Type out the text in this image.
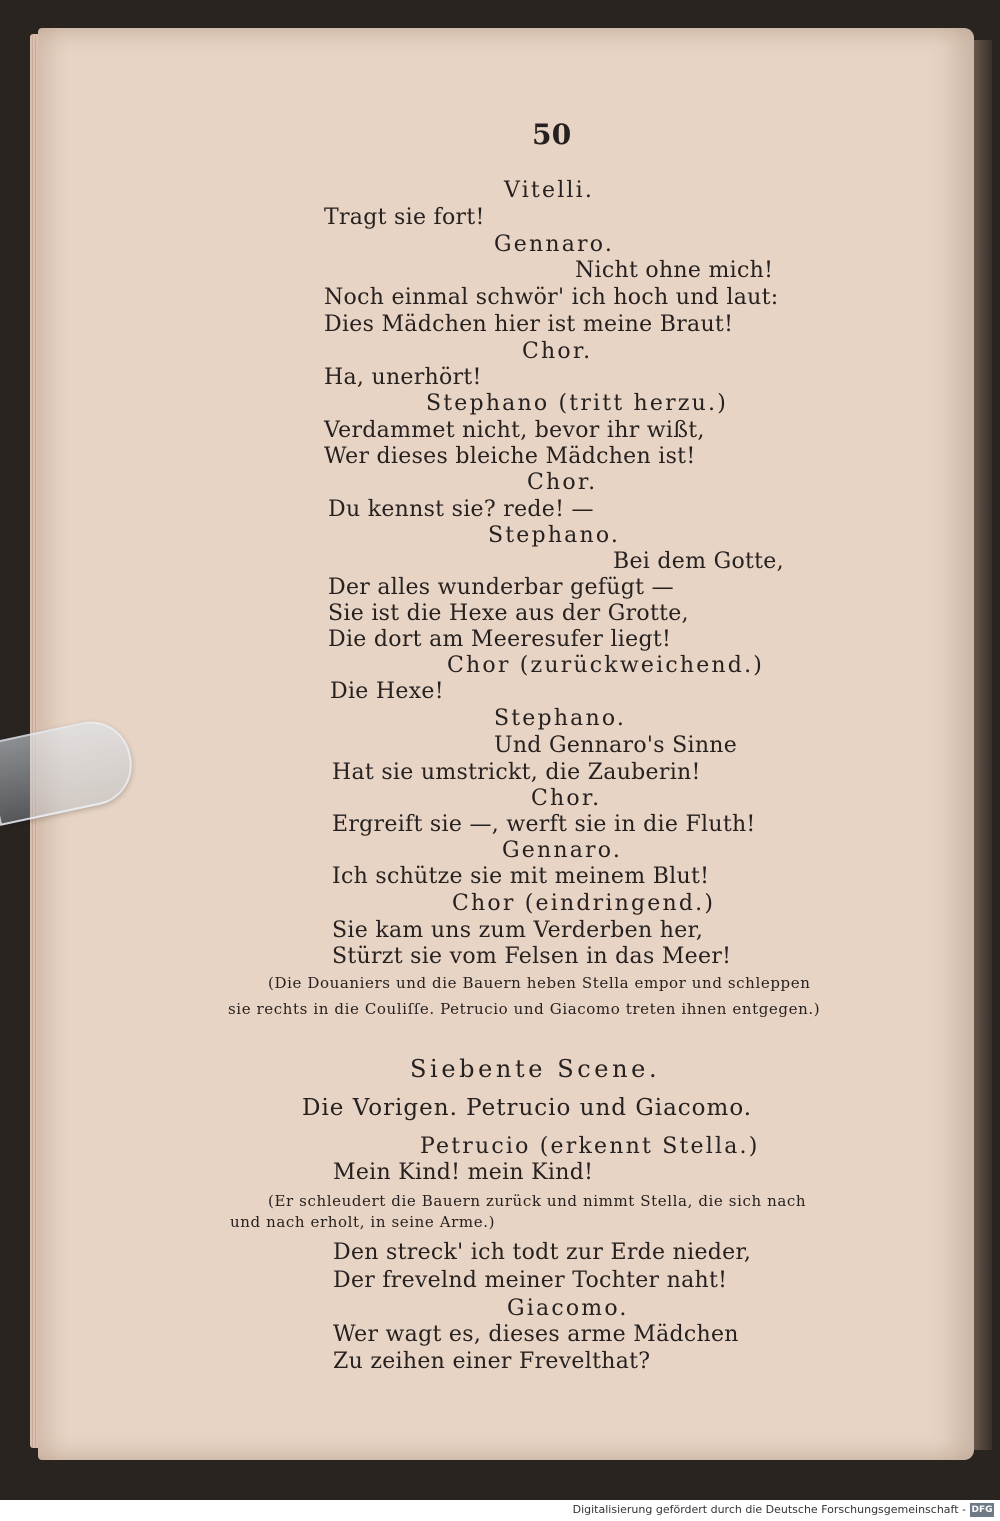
50
Vitelli.
Tragt sie fort!
Gennaro.
Nicht ohne mich!
Noch einmal schwör' ich hoch und laut:
Dies Mädchen hier ist meine Braut!
Chor.
Ha, unerhört!
Stephano (tritt herzu.)
Verdammet nicht, bevor ihr wißt,
Wer dieses bleiche Mädchen ist!
Chor.
Du kennst sie? rede! —
Stephano.
Bei dem Gotte,
Der alles wunderbar gefügt —
Sie ist die Hexe aus der Grotte,
Die dort am Meeresufer liegt!
Chor (zurückweichend.)
Die Hexe!
Stephano.
Und Gennaro's Sinne
Hat sie umstrickt, die Zauberin!
Chor.
Ergreift sie —, werft sie in die Fluth!
Gennaro.
Ich schütze sie mit meinem Blut!
Chor (eindringend.)
Sie kam uns zum Verderben her,
Stürzt sie vom Felsen in das Meer!
(Die Douaniers und die Bauern heben Stella empor und schleppen
sie rechts in die Couliſſe. Petrucio und Giacomo treten ihnen entgegen.)
Siebente Scene.
Die Vorigen. Petrucio und Giacomo.
Petrucio (erkennt Stella.)
Mein Kind! mein Kind!
(Er schleudert die Bauern zurück und nimmt Stella, die sich nach
und nach erholt, in seine Arme.)
Den streck' ich todt zur Erde nieder,
Der frevelnd meiner Tochter naht!
Giacomo.
Wer wagt es, dieses arme Mädchen
Zu zeihen einer Frevelthat?
Digitalisierung gefördert durch die Deutsche Forschungsgemeinschaft - DFG
